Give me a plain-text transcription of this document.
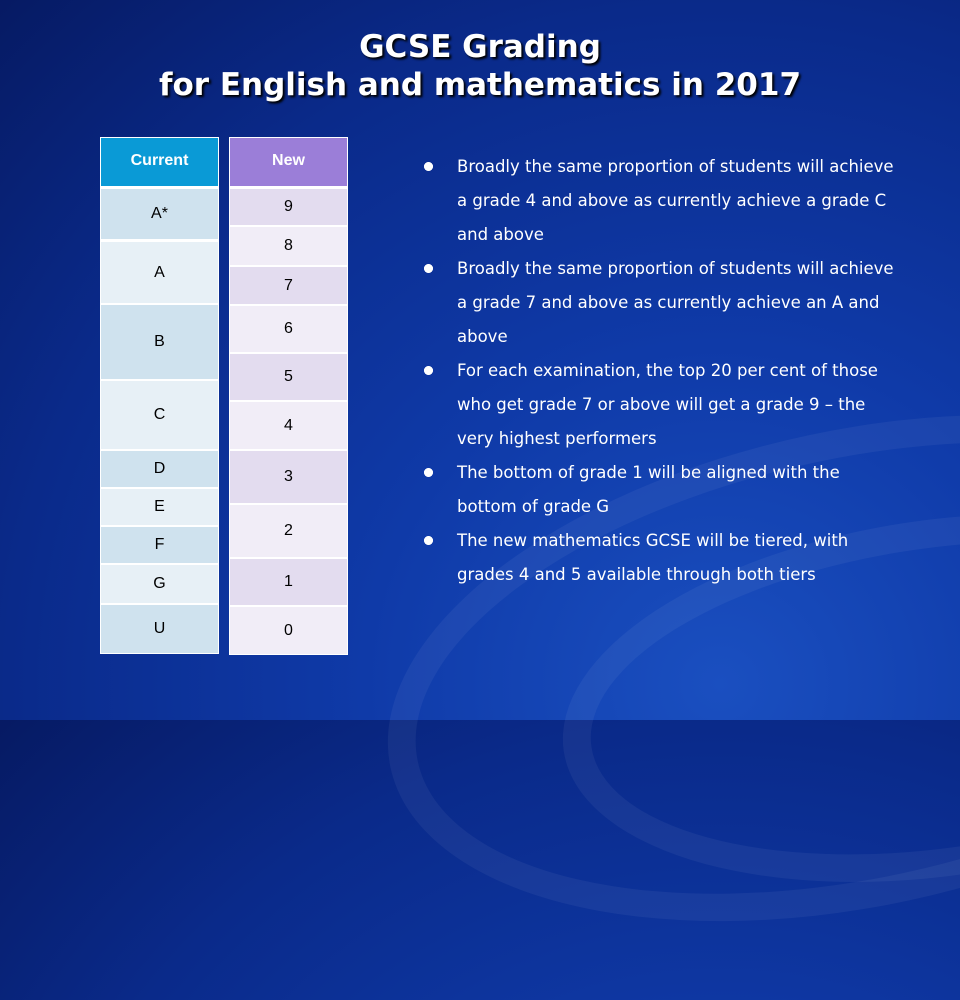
GCSE Grading
for English and mathematics in 2017
Current
A*
A
B
C
D
E
F
G
U
New
9
8
7
6
5
4
3
2
1
0
Broadly the same proportion of students will achieve a grade 4 and above as currently achieve a grade C and above
Broadly the same proportion of students will achieve a grade 7 and above as currently achieve an A and above
For each examination, the top 20 per cent of those who get grade 7 or above will get a grade 9 – the very highest performers
The bottom of grade 1 will be aligned with the bottom of grade G
The new mathematics GCSE will be tiered, with grades 4 and 5 available through both tiers
